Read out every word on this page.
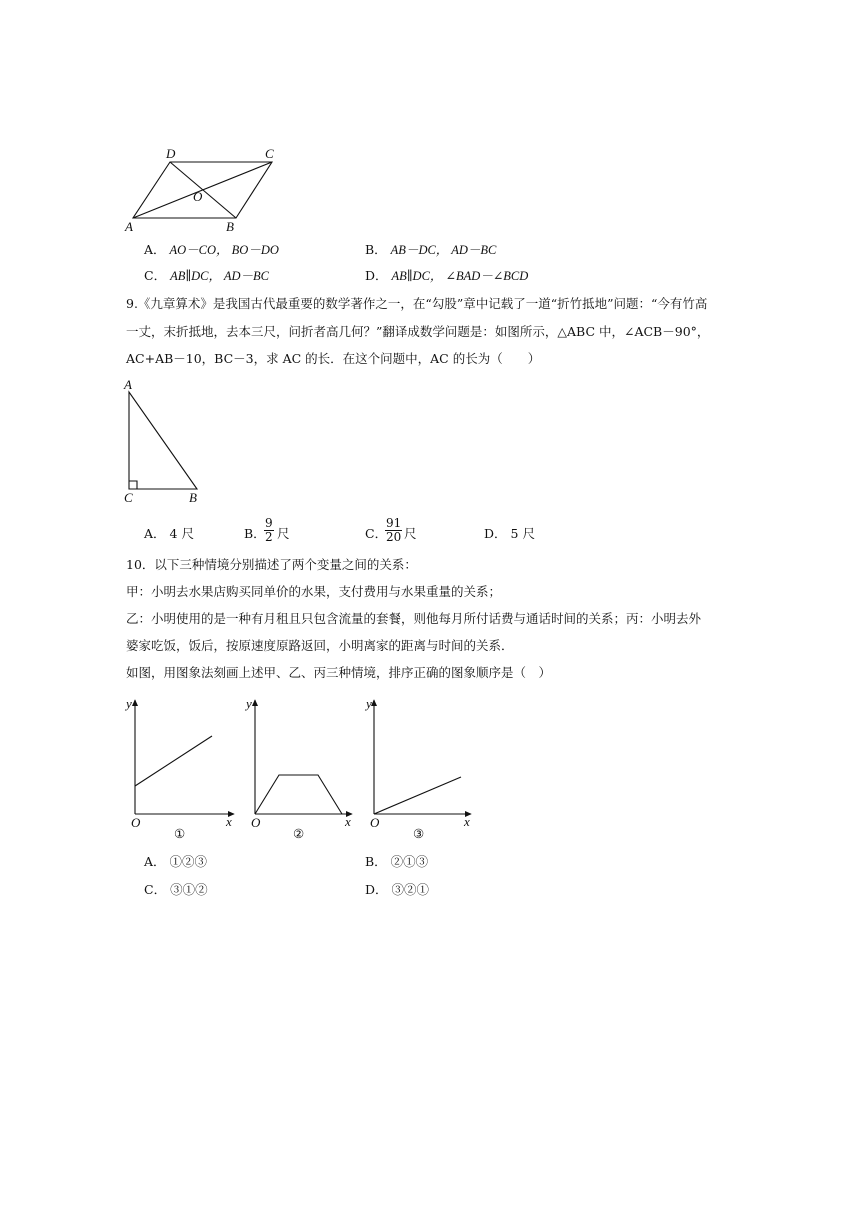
D	C
O
A	B
A． AO－CO， BO－DO	B． AB－DC， AD－BC
C． AB∥DC， AD－BC	D． AB∥DC， ∠BAD－∠BCD
9.《九章算术》是我国古代最重要的数学著作之一，在“勾股”章中记载了一道“折竹抵地”问题：“今有竹高
一丈，末折抵地，去本三尺，问折者高几何？”翻译成数学问题是：如图所示，△ABC 中，∠ACB－90°，
AC+AB－10，BC－3，求 AC 的长．在这个问题中，AC 的长为（　　）
A
C	B
A． 4 尺	B．
$\frac{9}{2}$ 尺	C．
$\frac{91}{20}$ 尺	D． 5 尺
10．以下三种情境分别描述了两个变量之间的关系：
甲：小明去水果店购买同单价的水果，支付费用与水果重量的关系；
乙：小明使用的是一种有月租且只包含流量的套餐，则他每月所付话费与通话时间的关系；丙：小明去外
婆家吃饭，饭后，按原速度原路返回，小明离家的距离与时间的关系．
如图，用图象法刻画上述甲、乙、丙三种情境，排序正确的图象顺序是（　）
y
x
O
①
y
x
O
②
y
x
O
③
A． ①②③	B． ②①③
C． ③①②	D． ③②①
